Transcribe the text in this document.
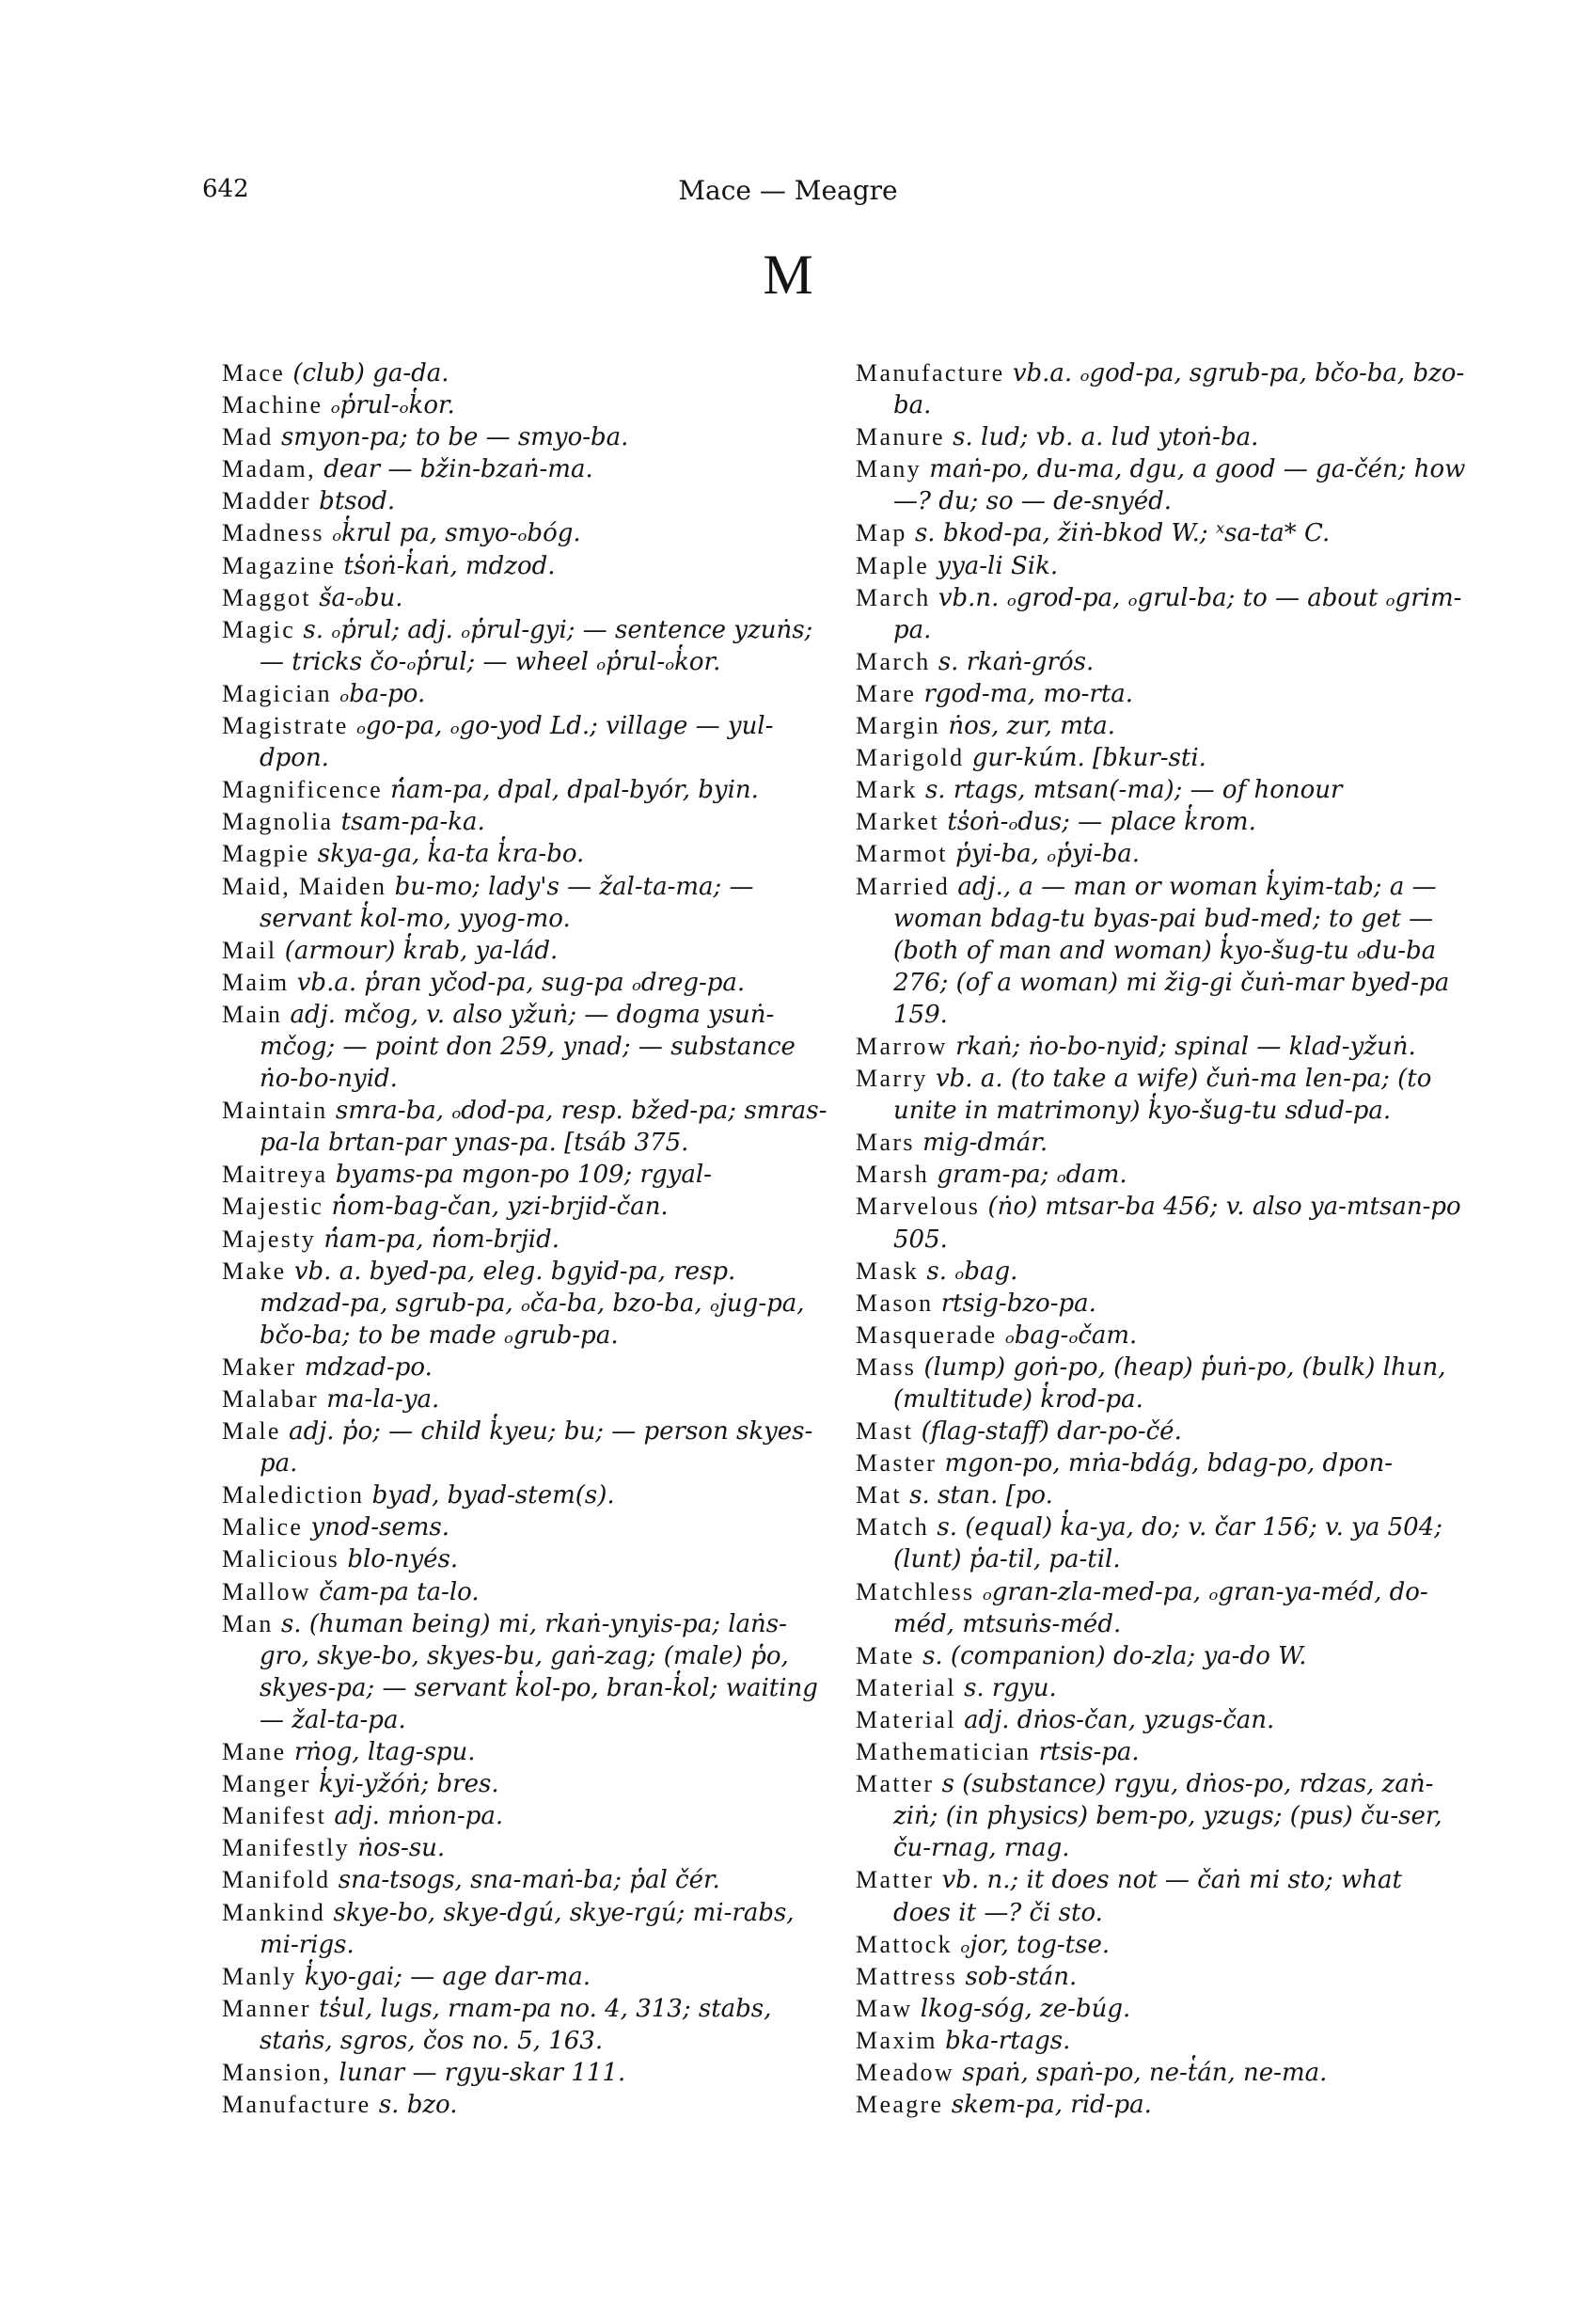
642	Mace — Meagre
M

Mace (club) ga-da.

Machine ₒp̔rul-ₒk̔or.

Mad smyon-pa; to be — smyo-ba.

Madam, dear — bžin-bzaṅ-ma.

Madder btsod.

Madness ₒk̔rul pa, smyo-ₒbóg.

Magazine ts̔oṅ-k̔aṅ, mdzod.

Maggot ša-ₒbu.

Magic s. ₒp̔rul; adj. ₒp̔rul-gyi; — sentence yzuṅs; — tricks čo-ₒp̔rul; — wheel ₒp̔rul-ₒk̔or.

Magician ₒba-po.

Magistrate ₒgo-pa, ₒgo-yod Ld.; village — yul-dpon.

Magnificence ṅ̔am-pa, dpal, dpal-byór, byin.

Magnolia tsam-pa-ka.

Magpie skya-ga, k̔a-ta k̔ra-bo.

Maid, Maiden bu-mo; lady's — žal-ta-ma; — servant k̔ol-mo, yyog-mo.

Mail (armour) k̔rab, ya-lád.

Maim vb.a. p̔ran yčod-pa, sug-pa ₒdreg-pa.

Main adj. mčog, v. also yžuṅ; — dogma ysuṅ-mčog; — point don 259, ynad; — substance ṅo-bo-nyid.

Maintain smra-ba, ₒdod-pa, resp. bžed-pa; smras-pa-la brtan-par ynas-pa. [tsáb 375.

Maitreya byams-pa mgon-po 109; rgyal-

Majestic ṅ̔om-bag-čan, yzi-brjid-čan.

Majesty ṅ̔am-pa, ṅ̔om-brjid.

Make vb. a. byed-pa, eleg. bgyid-pa, resp. mdzad-pa, sgrub-pa, ₒča-ba, bzo-ba, ₒjug-pa, bčo-ba; to be made ₒgrub-pa.

Maker mdzad-po.

Malabar ma-la-ya.

Male adj. p̔o; — child k̔yeu; bu; — person skyes-pa.

Malediction byad, byad-stem(s).

Malice ynod-sems.

Malicious blo-nyés.

Mallow čam-pa ta-lo.

Man s. (human being) mi, rkaṅ-ynyis-pa; laṅs-gro, skye-bo, skyes-bu, gaṅ-zag; (male) p̔o, skyes-pa; — servant k̔ol-po, bran-k̔ol; waiting — žal-ta-pa.

Mane rṅog, ltag-spu.

Manger k̔yi-yžóṅ; bres.

Manifest adj. mṅon-pa.

Manifestly ṅos-su.

Manifold sna-tsogs, sna-maṅ-ba; p̔al čér.

Mankind skye-bo, skye-dgú, skye-rgú; mi-rabs, mi-rigs.

Manly k̔yo-gai; — age dar-ma.

Manner ts̔ul, lugs, rnam-pa no. 4, 313; stabs, staṅs, sgros, čos no. 5, 163.

Mansion, lunar — rgyu-skar 111.

Manufacture s. bzo.

Manufacture vb.a. ₒgod-pa, sgrub-pa, bčo-ba, bzo-ba.

Manure s. lud; vb. a. lud ytoṅ-ba.

Many maṅ-po, du-ma, dgu, a good — ga-čén; how —? du; so — de-snyéd.

Map s. bkod-pa, žiṅ-bkod W.; ˣsa-ta* C.

Maple yya-li Sik.

March vb.n. ₒgrod-pa, ₒgrul-ba; to — about ₒgrim-pa.

March s. rkaṅ-grós.

Mare rgod-ma, mo-rta.

Margin ṅos, zur, mta.

Marigold gur-kúm. [bkur-sti.

Mark s. rtags, mtsan(-ma); — of honour

Market ts̔oṅ-ₒdus; — place k̔rom.

Marmot p̔yi-ba, ₒp̔yi-ba.

Married adj., a — man or woman k̔yim-tab; a — woman bdag-tu byas-pai bud-med; to get — (both of man and woman) k̔yo-šug-tu ₒdu-ba 276; (of a woman) mi žig-gi čuṅ-mar byed-pa 159.

Marrow rkaṅ; ṅo-bo-nyid; spinal — klad-yžuṅ.

Marry vb. a. (to take a wife) čuṅ-ma len-pa; (to unite in matrimony) k̔yo-šug-tu sdud-pa.

Mars mig-dmár.

Marsh gram-pa; ₒdam.

Marvelous (ṅo) mtsar-ba 456; v. also ya-mtsan-po 505.

Mask s. ₒbag.

Mason rtsig-bzo-pa.

Masquerade ₒbag-ₒčam.

Mass (lump) goṅ-po, (heap) p̔uṅ-po, (bulk) lhun, (multitude) k̔rod-pa.

Mast (flag-staff) dar-po-čé.

Master mgon-po, mṅa-bdág, bdag-po, dpon-

Mat s. stan. [po.

Match s. (equal) k̔a-ya, do; v. čar 156; v. ya 504; (lunt) p̔a-til, pa-til.

Matchless ₒgran-zla-med-pa, ₒgran-ya-méd, do-méd, mtsuṅs-méd.

Mate s. (companion) do-zla; ya-do W.

Material s. rgyu.

Material adj. dṅos-čan, yzugs-čan.

Mathematician rtsis-pa.

Matter s (substance) rgyu, dṅos-po, rdzas, zaṅ-ziṅ; (in physics) bem-po, yzugs; (pus) ču-ser, ču-rnag, rnag.

Matter vb. n.; it does not — čaṅ mi sto; what does it —? či sto.

Mattock ₒjor, tog-tse.

Mattress sob-stán.

Maw lkog-sóg, ze-búg.

Maxim bka-rtags.

Meadow spaṅ, spaṅ-po, ne-t̔án, ne-ma.

Meagre skem-pa, rid-pa.
